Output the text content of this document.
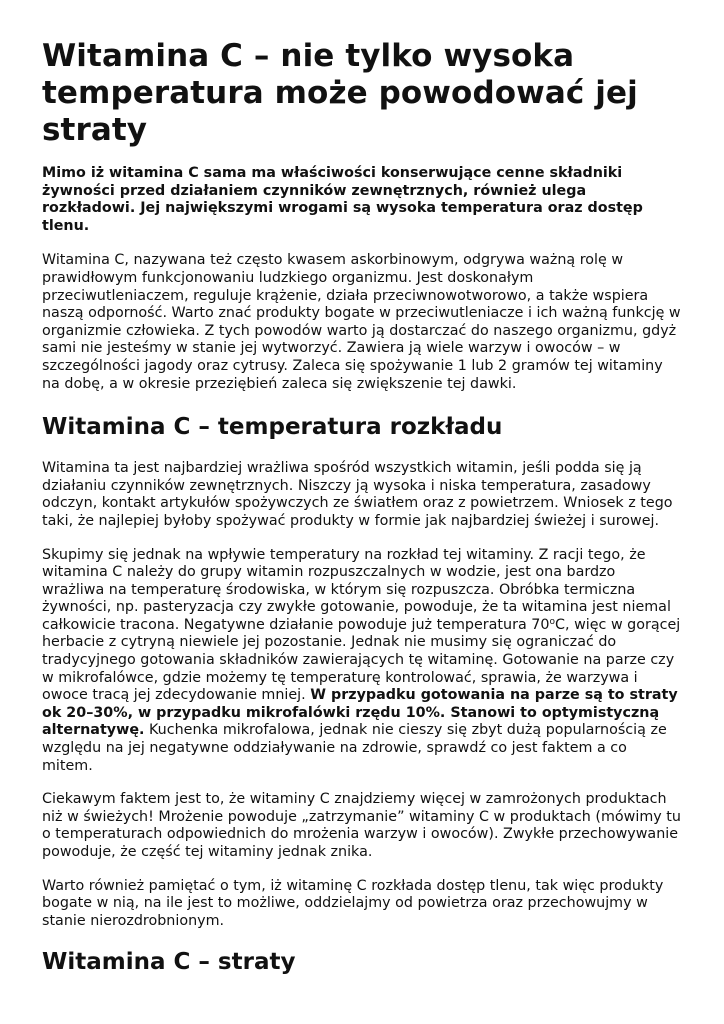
Witamina C – nie tylko wysoka temperatura może powodować jej straty

Mimo iż witamina C sama ma właściwości konserwujące cenne składniki żywności przed działaniem czynników zewnętrznych, również ulega rozkładowi. Jej największymi wrogami są wysoka temperatura oraz dostęp tlenu.

Witamina C, nazywana też często kwasem askorbinowym, odgrywa ważną rolę w prawidłowym funkcjonowaniu ludzkiego organizmu. Jest doskonałym przeciwutleniaczem, reguluje krążenie, działa przeciwnowotworowo, a także wspiera naszą odporność. Warto znać produkty bogate w przeciwutleniacze i ich ważną funkcję w organizmie człowieka. Z tych powodów warto ją dostarczać do naszego organizmu, gdyż sami nie jesteśmy w stanie jej wytworzyć. Zawiera ją wiele warzyw i owoców – w szczególności jagody oraz cytrusy. Zaleca się spożywanie 1 lub 2 gramów tej witaminy na dobę, a w okresie przeziębień zaleca się zwiększenie tej dawki.

Witamina C – temperatura rozkładu

Witamina ta jest najbardziej wrażliwa spośród wszystkich witamin, jeśli podda się ją działaniu czynników zewnętrznych. Niszczy ją wysoka i niska temperatura, zasadowy odczyn, kontakt artykułów spożywczych ze światłem oraz z powietrzem. Wniosek z tego taki, że najlepiej byłoby spożywać produkty w formie jak najbardziej świeżej i surowej.

Skupimy się jednak na wpływie temperatury na rozkład tej witaminy. Z racji tego, że witamina C należy do grupy witamin rozpuszczalnych w wodzie, jest ona bardzo wrażliwa na temperaturę środowiska, w którym się rozpuszcza. Obróbka termiczna żywności, np. pasteryzacja czy zwykłe gotowanie, powoduje, że ta witamina jest niemal całkowicie tracona. Negatywne działanie powoduje już temperatura 70$^o$C, więc w gorącej herbacie z cytryną niewiele jej pozostanie. Jednak nie musimy się ograniczać do tradycyjnego gotowania składników zawierających tę witaminę. Gotowanie na parze czy w mikrofalówce, gdzie możemy tę temperaturę kontrolować, sprawia, że warzywa i owoce tracą jej zdecydowanie mniej. W przypadku gotowania na parze są to straty ok 20–30%, w przypadku mikrofalówki rzędu 10%. Stanowi to optymistyczną alternatywę. Kuchenka mikrofalowa, jednak nie cieszy się zbyt dużą popularnością ze względu na jej negatywne oddziaływanie na zdrowie, sprawdź co jest faktem a co mitem.

Ciekawym faktem jest to, że witaminy C znajdziemy więcej w zamrożonych produktach niż w świeżych! Mrożenie powoduje „zatrzymanie” witaminy C w produktach (mówimy tu o temperaturach odpowiednich do mrożenia warzyw i owoców). Zwykłe przechowywanie powoduje, że część tej witaminy jednak znika.

Warto również pamiętać o tym, iż witaminę C rozkłada dostęp tlenu, tak więc produkty bogate w nią, na ile jest to możliwe, oddzielajmy od powietrza oraz przechowujmy w stanie nierozdrobnionym.

Witamina C – straty
